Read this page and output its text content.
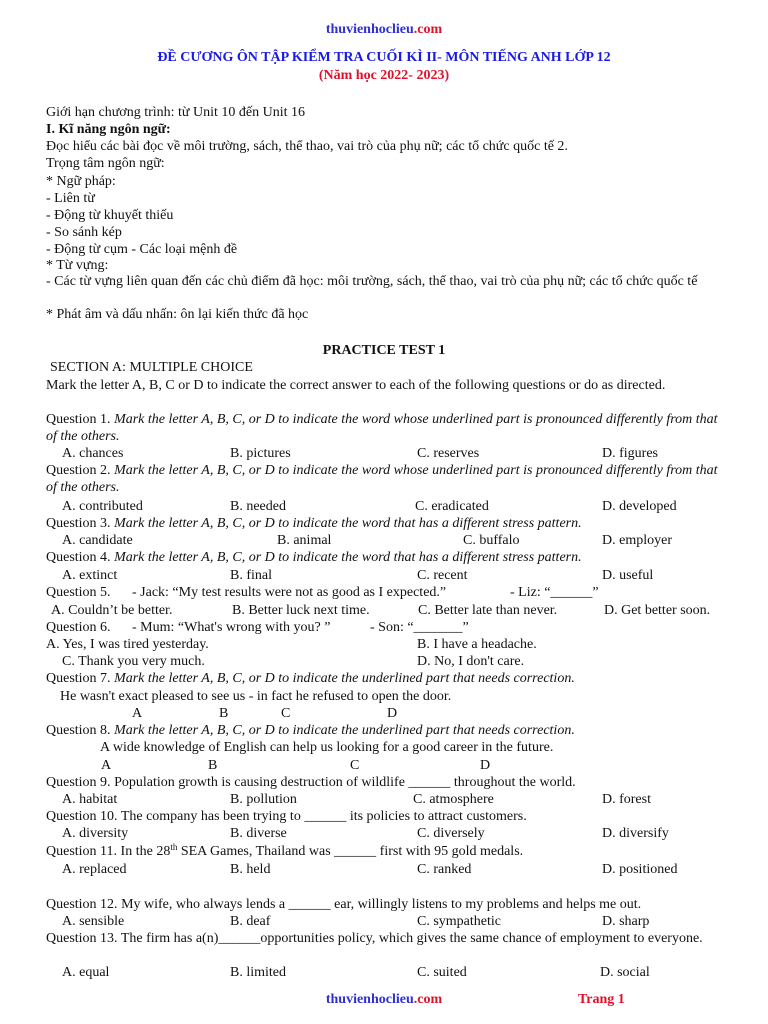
thuvienhoclieu.com
ĐỀ CƯƠNG ÔN TẬP KIỂM TRA CUỐI KÌ II- MÔN TIẾNG ANH LỚP 12
(Năm học 2022- 2023)
Giới hạn chương trình: từ Unit 10 đến Unit 16
I. Kĩ năng ngôn ngữ:
Đọc hiểu các bài đọc về môi trường, sách, thể thao, vai trò của phụ nữ; các tổ chức quốc tế 2.
Trọng tâm ngôn ngữ:
* Ngữ pháp:
- Liên từ
- Động từ khuyết thiếu
- So sánh kép
- Động từ cụm - Các loại mệnh đề
* Từ vựng:
- Các từ vựng liên quan đến các chủ điểm đã học: môi trường, sách, thể thao, vai trò của phụ nữ; các tổ chức quốc tế
* Phát âm và dấu nhấn: ôn lại kiến thức đã học
PRACTICE TEST 1
SECTION A: MULTIPLE CHOICE
Mark the letter A, B, C or D to indicate the correct answer to each of the following questions or do as directed.
Question 1. Mark the letter A, B, C, or D to indicate the word whose underlined part is pronounced differently from that of the others.
A. chances	B. pictures	C. reserves	D. figures
Question 2. Mark the letter A, B, C, or D to indicate the word whose underlined part is pronounced differently from that of the others.
A. contributed	B. needed	C. eradicated	D. developed
Question 3. Mark the letter A, B, C, or D to indicate the word that has a different stress pattern.
A. candidate	B. animal	C. buffalo	D. employer
Question 4. Mark the letter A, B, C, or D to indicate the word that has a different stress pattern.
A. extinct	B. final	C. recent	D. useful
Question 5. - Jack: “My test results were not as good as I expected.”	- Liz: “______”
A. Couldn’t be better.	B. Better luck next time.	C. Better late than never.	D. Get better soon.
Question 6. - Mum: “What's wrong with you? ”	- Son: “_______”
A. Yes, I was tired yesterday.	B. I have a headache.
C. Thank you very much.	D. No, I don't care.
Question 7. Mark the letter A, B, C, or D to indicate the underlined part that needs correction.
He wasn't exact pleased to see us - in fact he refused to open the door.
A	B	C	D
Question 8. Mark the letter A, B, C, or D to indicate the underlined part that needs correction.
A wide knowledge of English can help us looking for a good career in the future.
A	B	C	D
Question 9. Population growth is causing destruction of wildlife ______ throughout the world.
A. habitat	B. pollution	C. atmosphere	D. forest
Question 10. The company has been trying to ______ its policies to attract customers.
A. diversity	B. diverse	C. diversely	D. diversify
Question 11. In the 28th SEA Games, Thailand was ______ first with 95 gold medals.
A. replaced	B. held	C. ranked	D. positioned
Question 12. My wife, who always lends a ______ ear, willingly listens to my problems and helps me out.
A. sensible	B. deaf	C. sympathetic	D. sharp
Question 13. The firm has a(n)______opportunities policy, which gives the same chance of employment to everyone.
A. equal	B. limited	C. suited	D. social
thuvienhoclieu.com	Trang 1
